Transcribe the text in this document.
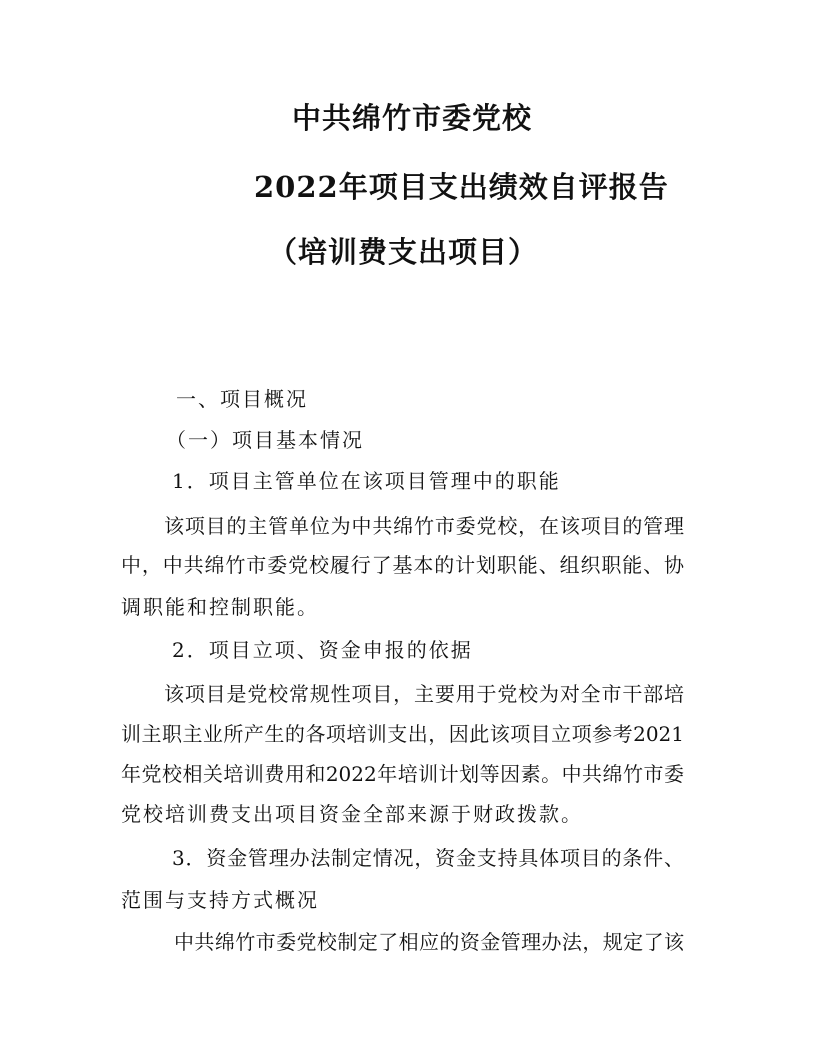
中共绵竹市委党校
2022年项目支出绩效自评报告
（培训费支出项目）

一、项目概况

（一）项目基本情况

1．项目主管单位在该项目管理中的职能

该项目的主管单位为中共绵竹市委党校，在该项目的管理

中，中共绵竹市委党校履行了基本的计划职能、组织职能、协

调职能和控制职能。

2．项目立项、资金申报的依据

该项目是党校常规性项目，主要用于党校为对全市干部培

训主职主业所产生的各项培训支出，因此该项目立项参考2021

年党校相关培训费用和2022年培训计划等因素。中共绵竹市委

党校培训费支出项目资金全部来源于财政拨款。

3．资金管理办法制定情况，资金支持具体项目的条件、

范围与支持方式概况

中共绵竹市委党校制定了相应的资金管理办法，规定了该
